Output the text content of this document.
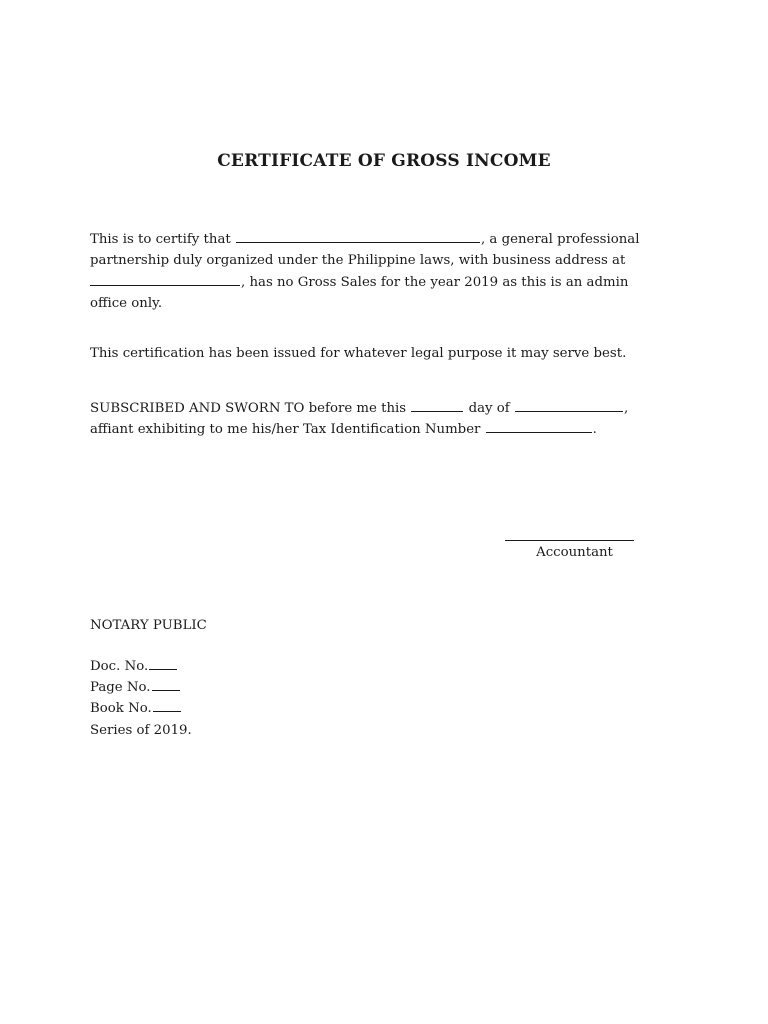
CERTIFICATE OF GROSS INCOME
This is to certify that	, a general professional
partnership duly organized under the Philippine laws, with business address at
, has no Gross Sales for the year 2019 as this is an admin
office only.
This certification has been issued for whatever legal purpose it may serve best.
SUBSCRIBED AND SWORN TO before me this	day of	,
affiant exhibiting to me his/her Tax Identification Number	.
Accountant
NOTARY PUBLIC
Doc. No.
Page No.
Book No.
Series of 2019.
